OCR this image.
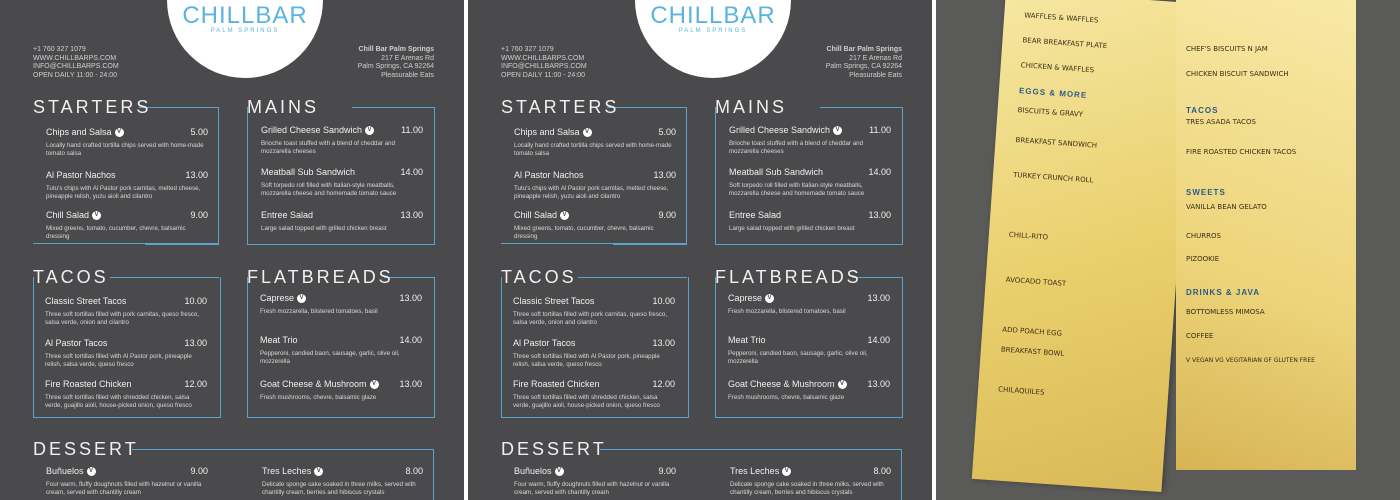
CHILLBAR
PALM SPRINGS
+1 760 327 1079
WWW.CHILLBARPS.COM
INFO@CHILLBARPS.COM
OPEN DAILY 11:00 - 24:00
Chill Bar Palm Springs
217 E Arenas Rd
Palm Springs, CA 92264
Pleasurable Eats
STARTERS
Chips and Salsa V	5.00
Locally hand crafted tortilla chips served with home-made tomato salsa
Al Pastor Nachos	13.00
Tutu's chips with Al Pastor pork carnitas, melted cheese, pineapple relish, yuzu aioli and cilantro
Chill Salad V	9.00
Mixed greens, tomato, cucumber, chevre, balsamic dressing
MAINS
Grilled Cheese Sandwich V	11.00
Brioche toast stuffed with a blend of cheddar and mozzarella cheeses
Meatball Sub Sandwich	14.00
Soft torpedo roll filled with Italian-style meatballs, mozzarella cheese and homemade tomato sauce
Entree Salad	13.00
Large salad topped with grilled chicken breast
TACOS
Classic Street Tacos	10.00
Three soft tortillas filled with pork carnitas, queso fresco, salsa verde, onion and cilantro
Al Pastor Tacos	13.00
Three soft tortillas filled with Al Pastor pork, pineapple relish, salsa verde, queso fresco
Fire Roasted Chicken	12.00
Three soft tortillas filled with shredded chicken, salsa verde, guajillo aioli, house-picked onion, queso fresco
FLATBREADS
Caprese V	13.00
Fresh mozzarella, blistered tomatoes, basil
Meat Trio	14.00
Pepperoni, candied baon, sausage, garlic, olive oil, mozzerella
Goat Cheese & Mushroom V	13.00
Fresh mushrooms, chevre, balsamic glaze
DESSERT
Buñuelos V	9.00
Four warm, fluffy doughnuts filled with hazelnut or vanilla cream, served with chantilly cream
Tres Leches V	8.00
Delicate sponge cake soaked in three milks, served with chantilly cream, berries and hibiscus crystals
CHILLBAR
PALM SPRINGS
+1 760 327 1079
WWW.CHILLBARPS.COM
INFO@CHILLBARPS.COM
OPEN DAILY 11:00 - 24:00
Chill Bar Palm Springs
217 E Arenas Rd
Palm Springs, CA 92264
Pleasurable Eats
STARTERS
Chips and Salsa V	5.00
Locally hand crafted tortilla chips served with home-made tomato salsa
Al Pastor Nachos	13.00
Tutu's chips with Al Pastor pork carnitas, melted cheese, pineapple relish, yuzu aioli and cilantro
Chill Salad V	9.00
Mixed greens, tomato, cucumber, chevre, balsamic dressing
MAINS
Grilled Cheese Sandwich V	11.00
Brioche toast stuffed with a blend of cheddar and mozzarella cheeses
Meatball Sub Sandwich	14.00
Soft torpedo roll filled with Italian-style meatballs, mozzarella cheese and homemade tomato sauce
Entree Salad	13.00
Large salad topped with grilled chicken breast
TACOS
Classic Street Tacos	10.00
Three soft tortillas filled with pork carnitas, queso fresco, salsa verde, onion and cilantro
Al Pastor Tacos	13.00
Three soft tortillas filled with Al Pastor pork, pineapple relish, salsa verde, queso fresco
Fire Roasted Chicken	12.00
Three soft tortillas filled with shredded chicken, salsa verde, guajillo aioli, house-picked onion, queso fresco
FLATBREADS
Caprese V	13.00
Fresh mozzarella, blistered tomatoes, basil
Meat Trio	14.00
Pepperoni, candied baon, sausage, garlic, olive oil, mozzerella
Goat Cheese & Mushroom V	13.00
Fresh mushrooms, chevre, balsamic glaze
DESSERT
Buñuelos V	9.00
Four warm, fluffy doughnuts filled with hazelnut or vanilla cream, served with chantilly cream
Tres Leches V	8.00
Delicate sponge cake soaked in three milks, served with chantilly cream, berries and hibiscus crystals
WAFFLES & WAFFLES
BEAR BREAKFAST PLATE
CHICKEN & WAFFLES
EGGS & MORE
BISCUITS & GRAVY
BREAKFAST SANDWICH
TURKEY CRUNCH ROLL
CHILL-RITO
AVOCADO TOAST
ADD POACH EGG
BREAKFAST BOWL
CHILAQUILES
CHEF'S BISCUITS N JAM
CHICKEN BISCUIT SANDWICH
TACOS
TRES ASADA TACOS
FIRE ROASTED CHICKEN TACOS
SWEETS
VANILLA BEAN GELATO
CHURROS
PIZOOKIE
DRINKS & JAVA
BOTTOMLESS MIMOSA
COFFEE
V VEGAN VG VEGITARIAN GF GLUTEN FREE
